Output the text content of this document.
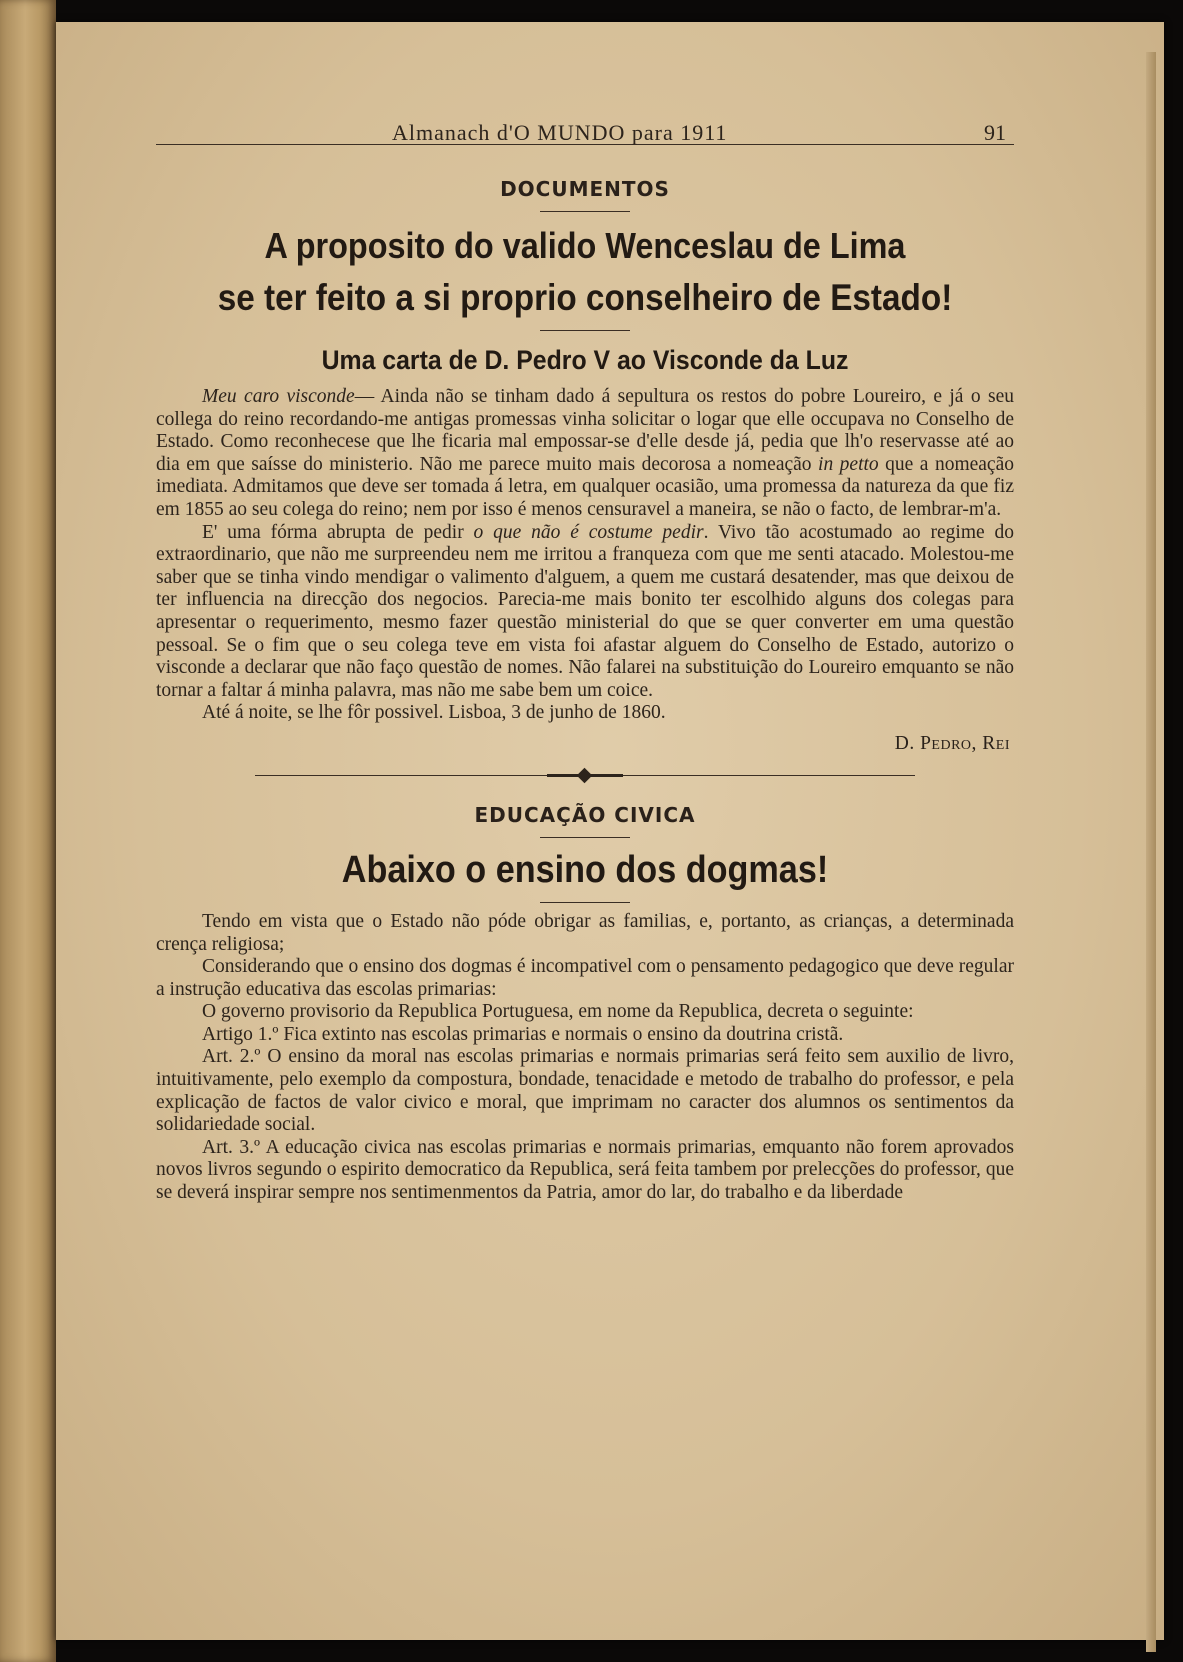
Almanach d'O MUNDO para 1911	91
DOCUMENTOS
A proposito do valido Wenceslau de Lima
se ter feito a si proprio conselheiro de Estado!
Uma carta de D. Pedro V ao Visconde da Luz

Meu caro visconde— Ainda não se tinham dado á sepultura os restos do pobre Loureiro, e já o seu collega do reino recordando-me antigas promessas vinha solicitar o logar que elle occupava no Conselho de Estado. Como reconhecese que lhe ficaria mal empossar-se d'elle desde já, pedia que lh'o reservasse até ao dia em que saísse do ministerio. Não me parece muito mais decorosa a nomeação in petto que a nomeação imediata. Admitamos que deve ser tomada á letra, em qualquer ocasião, uma promessa da natureza da que fiz em 1855 ao seu colega do reino; nem por isso é menos censuravel a maneira, se não o facto, de lembrar-m'a.

E' uma fórma abrupta de pedir o que não é costume pedir. Vivo tão acostumado ao regime do extraordinario, que não me surpreendeu nem me irritou a franqueza com que me senti atacado. Molestou-me saber que se tinha vindo mendigar o valimento d'alguem, a quem me custará desatender, mas que deixou de ter influencia na direcção dos negocios. Parecia-me mais bonito ter escolhido alguns dos colegas para apresentar o requerimento, mesmo fazer questão ministerial do que se quer converter em uma questão pessoal. Se o fim que o seu colega teve em vista foi afastar alguem do Conselho de Estado, autorizo o visconde a declarar que não faço questão de nomes. Não falarei na substituição do Loureiro emquanto se não tornar a faltar á minha palavra, mas não me sabe bem um coice.

Até á noite, se lhe fôr possivel. Lisboa, 3 de junho de 1860.

D. Pedro, Rei
EDUCAÇÃO CIVICA
Abaixo o ensino dos dogmas!

Tendo em vista que o Estado não póde obrigar as familias, e, portanto, as crianças, a determinada crença religiosa;

Considerando que o ensino dos dogmas é incompativel com o pensamento pedagogico que deve regular a instrução educativa das escolas primarias:

O governo provisorio da Republica Portuguesa, em nome da Republica, decreta o seguinte:

Artigo 1.º Fica extinto nas escolas primarias e normais o ensino da doutrina cristã.

Art. 2.º O ensino da moral nas escolas primarias e normais primarias será feito sem auxilio de livro, intuitivamente, pelo exemplo da compostura, bondade, tenacidade e metodo de trabalho do professor, e pela explicação de factos de valor civico e moral, que imprimam no caracter dos alumnos os sentimentos da solidariedade social.

Art. 3.º A educação civica nas escolas primarias e normais primarias, emquanto não forem aprovados novos livros segundo o espirito democratico da Republica, será feita tambem por prelecções do professor, que se deverá inspirar sempre nos sentimenmentos da Patria, amor do lar, do trabalho e da liberdade
